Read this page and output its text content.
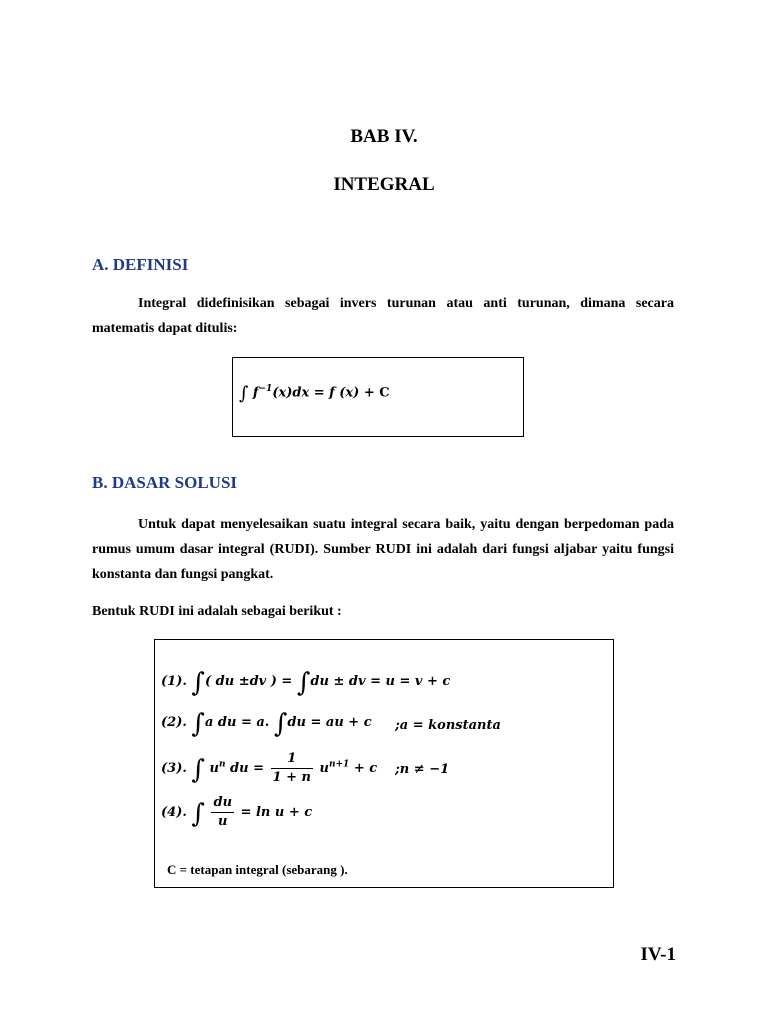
BAB IV.
INTEGRAL
A. DEFINISI
Integral didefinisikan sebagai invers turunan atau anti turunan, dimana secara matematis dapat ditulis:
∫ $f^{-1}(x)dx = f$ (x) + C
B. DASAR SOLUSI
Untuk dapat menyelesaikan suatu integral secara baik, yaitu dengan berpedoman pada rumus umum dasar integral (RUDI). Sumber RUDI ini adalah dari fungsi aljabar yaitu fungsi konstanta dan fungsi pangkat.
Bentuk RUDI ini adalah sebagai berikut :
(1). ∫( du ±dv ) = ∫du ± dv = u = v + c
(2). ∫a du = a. ∫du = au + c ;a = konstanta
(3). ∫ $u^n$ du = $\frac{1}{1 + n} u^{n+1} + c$ ;n ≠ −1
(4). ∫ $\frac{du}{u} = \ln u + c$
C = tetapan integral (sebarang ).
IV-1
